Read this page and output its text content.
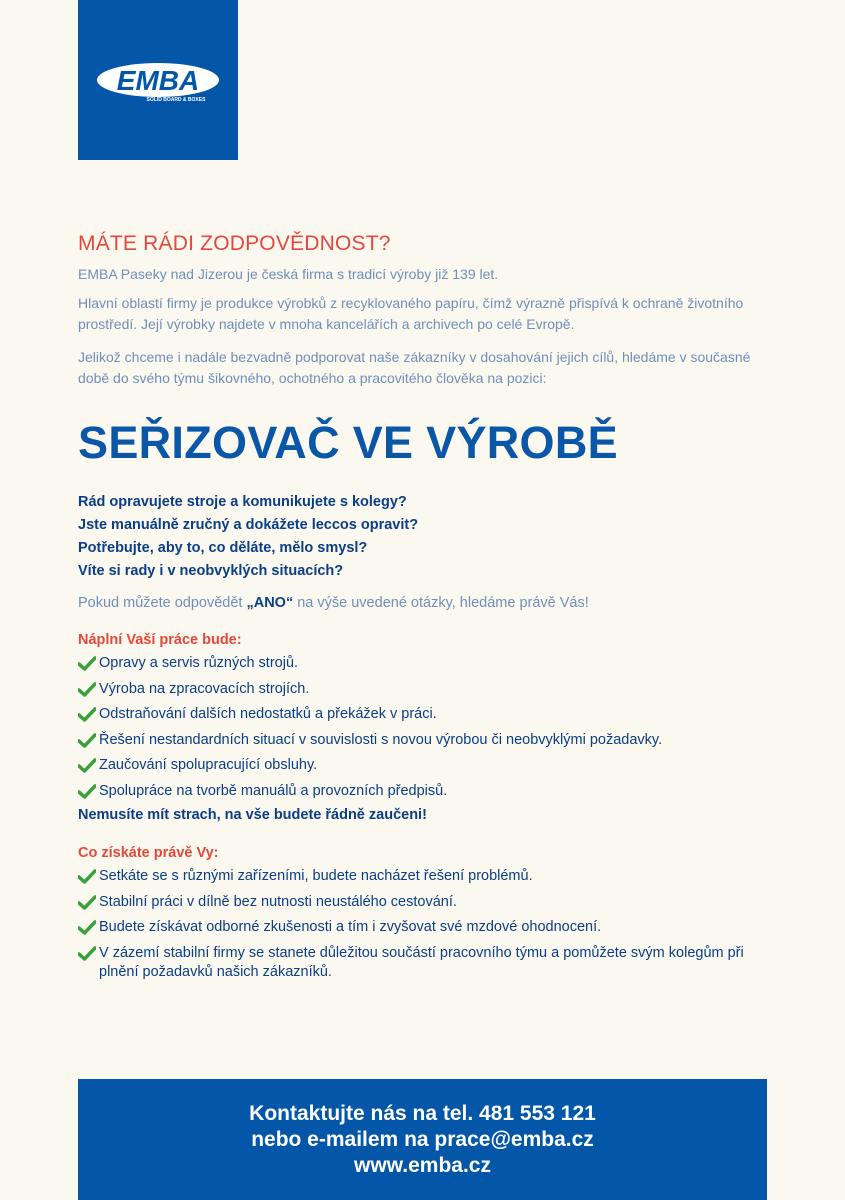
EMBA
SOLID BOARD & BOXES
MÁTE RÁDI ZODPOVĚDNOST?

EMBA Paseky nad Jizerou je česká firma s tradicí výroby již 139 let.

Hlavní oblastí firmy je produkce výrobků z recyklovaného papíru, čímž výrazně přispívá k ochraně životního prostředí. Její výrobky najdete v mnoha kancelářích a archivech po celé Evropě.

Jelikož chceme i nadále bezvadně podporovat naše zákazníky v dosahování jejich cílů, hledáme v současné době do svého týmu šikovného, ochotného a pracovitého člověka na pozici:

SEŘIZOVAČ VE VÝROBĚ
Rád opravujete stroje a komunikujete s kolegy?
Jste manuálně zručný a dokážete leccos opravit?
Potřebujte, aby to, co děláte, mělo smysl?
Víte si rady i v neobvyklých situacích?
Pokud můžete odpovědět „ANO“ na výše uvedené otázky, hledáme právě Vás!
Náplní Vaší práce bude:
Opravy a servis různých strojů.
Výroba na zpracovacích strojích.
Odstraňování dalších nedostatků a překážek v práci.
Řešení nestandardních situací v souvislosti s novou výrobou či neobvyklými požadavky.
Zaučování spolupracující obsluhy.
Spolupráce na tvorbě manuálů a provozních předpisů.
Nemusíte mít strach, na vše budete řádně zaučeni!
Co získáte právě Vy:
Setkáte se s různými zařízeními, budete nacházet řešení problémů.
Stabilní práci v dílně bez nutnosti neustálého cestování.
Budete získávat odborné zkušenosti a tím i zvyšovat své mzdové ohodnocení.
V zázemí stabilní firmy se stanete důležitou součástí pracovního týmu a pomůžete svým kolegům při plnění požadavků našich zákazníků.
Kontaktujte nás na tel. 481 553 121
nebo e-mailem na prace@emba.cz
www.emba.cz
